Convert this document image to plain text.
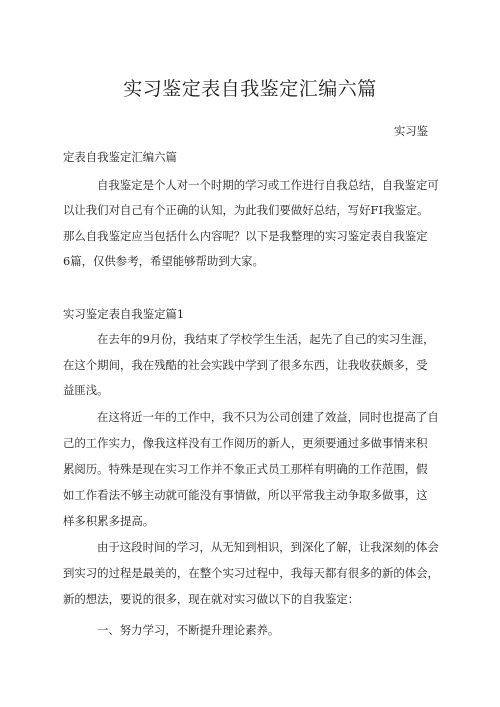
实习鉴定表自我鉴定汇编六篇
实习鉴
定表自我鉴定汇编六篇
自我鉴定是个人对一个时期的学习或工作进行自我总结，自我鉴定可
以让我们对自己有个正确的认知，为此我们要做好总结，写好FI我鉴定。
那么自我鉴定应当包括什么内容呢？以下是我整理的实习鉴定表自我鉴定
6篇，仅供参考，希望能够帮助到大家。
实习鉴定表自我鉴定篇1
在去年的9月份，我结束了学校学生生活，起先了自己的实习生涯，
在这个期间，我在残酷的社会实践中学到了很多东西，让我收获颇多，受
益匪浅。
在这将近一年的工作中，我不只为公司创建了效益，同时也提高了自
己的工作实力，像我这样没有工作阅历的新人，更须要通过多做事情来积
累阅历。特殊是现在实习工作并不象正式员工那样有明确的工作范围，假
如工作看法不够主动就可能没有事情做，所以平常我主动争取多做事，这
样多积累多提高。
由于这段时间的学习，从无知到相识，到深化了解，让我深刻的体会
到实习的过程是最美的，在整个实习过程中，我每天都有很多的新的体会，
新的想法，要说的很多，现在就对实习做以下的自我鉴定：
一、努力学习，不断提升理论素养。
